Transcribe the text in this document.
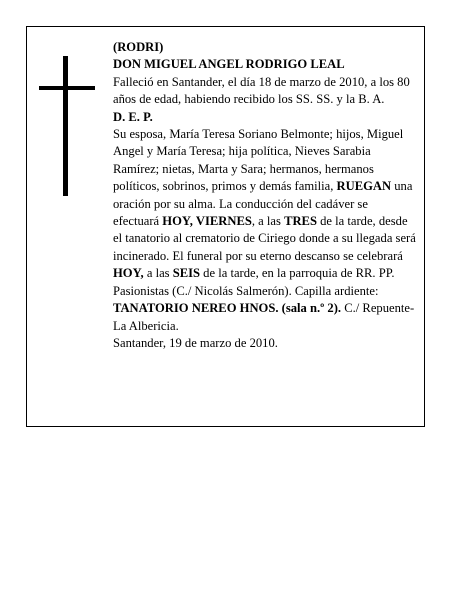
(RODRI)

DON MIGUEL ANGEL RODRIGO LEAL

Falleció en Santander, el día 18 de marzo de 2010, a los 80 años de edad, habiendo recibido los SS. SS. y la B. A.

D. E. P.

Su esposa, María Teresa Soriano Belmonte; hijos, Miguel Angel y María Teresa; hija política, Nieves Sarabia Ramírez; nietas, Marta y Sara; hermanos, hermanos políticos, sobrinos, primos y demás familia, RUEGAN una oración por su alma. La conducción del cadáver se efectuará HOY, VIERNES, a las TRES de la tarde, desde el tanatorio al crematorio de Ciriego donde a su llegada será incinerado. El funeral por su eterno descanso se celebrará HOY, a las SEIS de la tarde, en la parroquia de RR. PP. Pasionistas (C./ Nicolás Salmerón). Capilla ardiente: TANATORIO NEREO HNOS. (sala n.º 2). C./ Repuente-La Albericia.

Santander, 19 de marzo de 2010.
